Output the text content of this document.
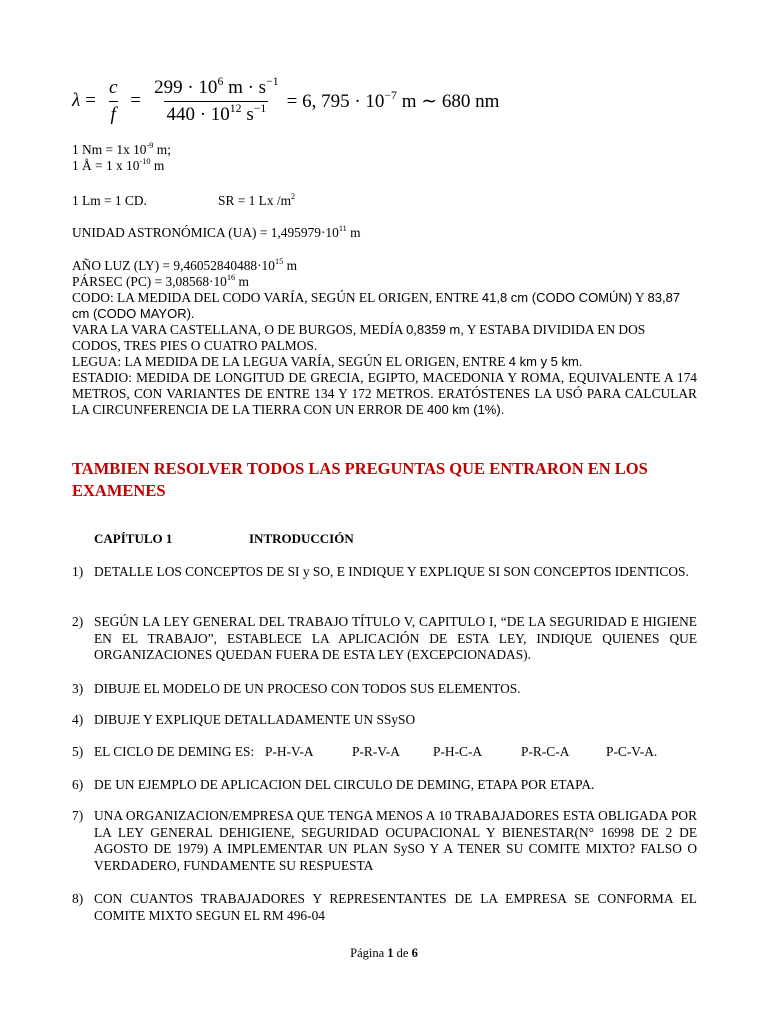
$\lambda = \frac{c}{f} = \frac{299 \cdot 10^6 m \cdot s^{-1}}{440 \cdot 10^{12} s^{-1}} = 6$, $795 \cdot 10^{-7}$ m ∼ 680 nm
1 Nm = 1x $10^{-9}$ m;
1 Å = 1 x $10^{-10}$ m
1 Lm = 1 CD.	SR = 1 Lx $/m^2$
UNIDAD ASTRONÓMICA $(UA) = 1,495979\cdot 10^{11}$ m
AÑO LUZ $(LY) = 9,46052840488\cdot 10^{15}$ m
PÁRSEC $(PC) = 3,08568\cdot 10^{16}$ m
CODO: LA MEDIDA DEL CODO VARÍA, SEGÚN EL ORIGEN, ENTRE 41,8 cm (CODO COMÚN) Y 83,87 cm (CODO MAYOR).
VARA LA VARA CASTELLANA, O DE BURGOS, MEDÍA 0,8359 m, Y ESTABA DIVIDIDA EN DOS CODOS, TRES PIES O CUATRO PALMOS.
LEGUA: LA MEDIDA DE LA LEGUA VARÍA, SEGÚN EL ORIGEN, ENTRE 4 km y 5 km.
ESTADIO: MEDIDA DE LONGITUD DE GRECIA, EGIPTO, MACEDONIA Y ROMA, EQUIVALENTE A 174 METROS, CON VARIANTES DE ENTRE 134 Y 172 METROS. ERATÓSTENES LA USÓ PARA CALCULAR LA CIRCUNFERENCIA DE LA TIERRA CON UN ERROR DE 400 km (1%).
TAMBIEN RESOLVER TODOS LAS PREGUNTAS QUE ENTRARON EN LOS EXAMENES
CAPÍTULO 1	INTRODUCCIÓN
1) DETALLE LOS CONCEPTOS DE SI y SO, E INDIQUE Y EXPLIQUE SI SON CONCEPTOS IDENTICOS.
2) SEGÚN LA LEY GENERAL DEL TRABAJO TÍTULO V, CAPITULO I, “DE LA SEGURIDAD E HIGIENE EN EL TRABAJO”, ESTABLECE LA APLICACIÓN DE ESTA LEY, INDIQUE QUIENES QUE ORGANIZACIONES QUEDAN FUERA DE ESTA LEY (EXCEPCIONADAS).
3) DIBUJE EL MODELO DE UN PROCESO CON TODOS SUS ELEMENTOS.
4) DIBUJE Y EXPLIQUE DETALLADAMENTE UN SSySO
5) EL CICLO DE DEMING ES: P-H-V-A	P-R-V-A P-H-C-A	P-R-C-A	P-C-V-A.
6) DE UN EJEMPLO DE APLICACION DEL CIRCULO DE DEMING, ETAPA POR ETAPA.
7) UNA ORGANIZACION/EMPRESA QUE TENGA MENOS A 10 TRABAJADORES ESTA OBLIGADA POR LA LEY GENERAL DEHIGIENE, SEGURIDAD OCUPACIONAL Y BIENESTAR(N° 16998 DE 2 DE AGOSTO DE 1979) A IMPLEMENTAR UN PLAN SySO Y A TENER SU COMITE MIXTO? FALSO O VERDADERO, FUNDAMENTE SU RESPUESTA
8) CON CUANTOS TRABAJADORES Y REPRESENTANTES DE LA EMPRESA SE CONFORMA EL COMITE MIXTO SEGUN EL RM 496-04
Página 1 de 6
